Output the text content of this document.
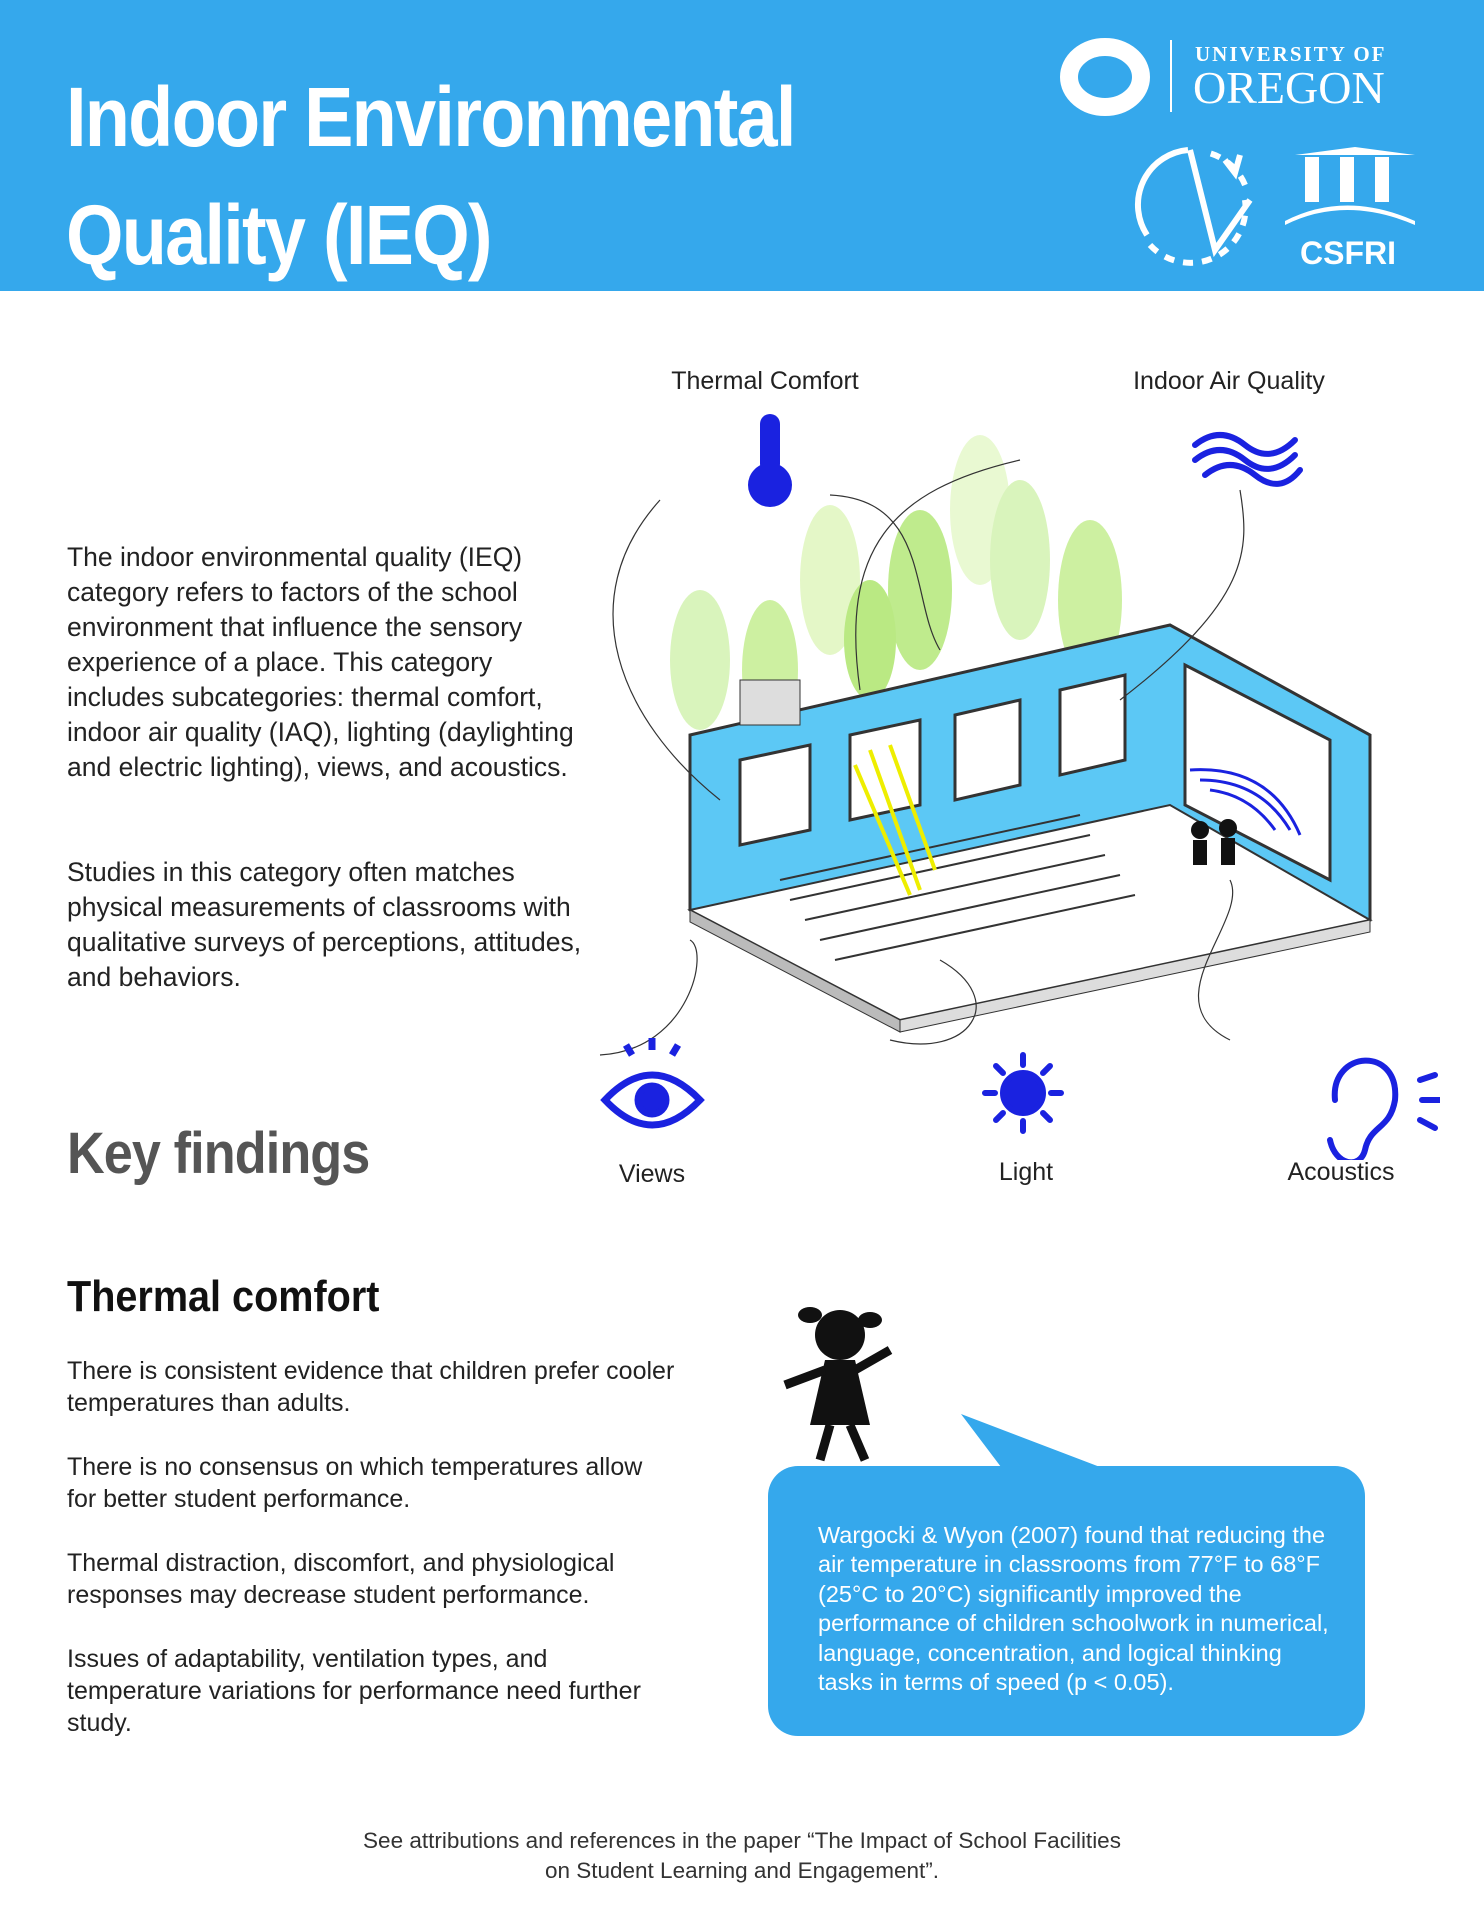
Indoor Environmental
Quality (IEQ)
UNIVERSITY OF
OREGON
CSFRI
The indoor environmental quality (IEQ) category refers to factors of the school environment that influence the sensory experience of a place. This category includes subcategories: thermal comfort, indoor air quality (IAQ), lighting (daylighting and electric lighting), views, and acoustics.
Studies in this category often matches physical measurements of classrooms with qualitative surveys of perceptions, attitudes, and behaviors.
Thermal Comfort	Indoor Air Quality
Views	Light	Acoustics
Key findings
Thermal comfort

There is consistent evidence that children prefer cooler temperatures than adults.

There is no consensus on which temperatures allow for better student performance.

Thermal distraction, discomfort, and physiological responses may decrease student performance.

Issues of adaptability, ventilation types, and temperature variations for performance need further study.

Wargocki & Wyon (2007) found that reducing the air temperature in classrooms from 77°F to 68°F (25°C to 20°C) significantly improved the performance of children schoolwork in numerical, language, concentration, and logical thinking tasks in terms of speed (p < 0.05).
See attributions and references in the paper “The Impact of School Facilities
on Student Learning and Engagement”.
